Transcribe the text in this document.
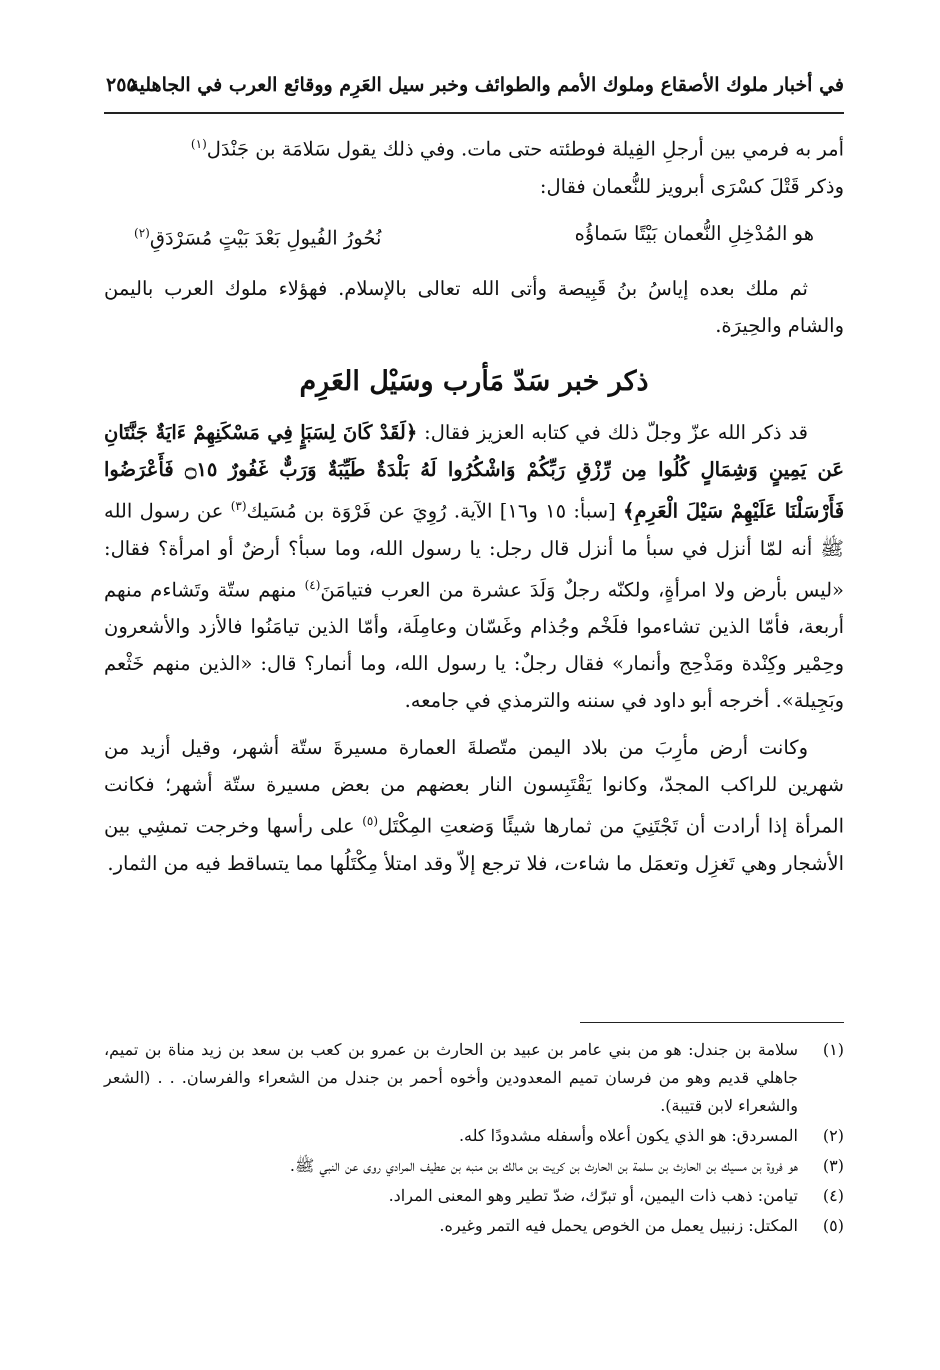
في أخبار ملوك الأصقاع وملوك الأمم والطوائف وخبر سيل العَرِم ووقائع العرب في الجاهلية
٢٥٥

أمر به فرمي بين أرجلِ الفِيلة فوطئته حتى مات. وفي ذلك يقول سَلامَة بن جَنْدَل$^{(١)}$

وذكر قَتْلَ كسْرَى أبرويز للنُّعمان فقال:

هو المُدْخِلِ النُّعمان بَيْتًا سَماؤُه
نُحُورُ الفُيولِ بَعْدَ بَيْتٍ مُسَرْدَقِ$^{(٢)}$

ثم ملك بعده إياسُ بنُ قَبِيصة وأتى الله تعالى بالإسلام. فهؤلاء ملوك العرب باليمن والشام والحِيرَة.

ذكر خبر سَدّ مَأرب وسَيْل العَرِم

قد ذكر الله عزّ وجلّ ذلك في كتابه العزيز فقال: ﴿لَقَدْ كَانَ لِسَبَإٍ فِي مَسْكَنِهِمْ ءَايَةٌ جَنَّتَانِ عَن يَمِينٍ وَشِمَالٍ كُلُوا مِن رِّزْقِ رَبِّكُمْ وَاشْكُرُوا لَهُ بَلْدَةٌ طَيِّبَةٌ وَرَبٌّ غَفُورٌ ۝١٥ فَأَعْرَضُوا فَأَرْسَلْنَا عَلَيْهِمْ سَيْلَ الْعَرِمِ﴾ [سبأ: ١٥ و١٦] الآية. رُوِيَ عن فَرْوَة بن مُسَيك$^{(٣)}$ عن رسول الله ﷺ أنه لمّا أنزل في سبأ ما أنزل قال رجل: يا رسول الله، وما سبأ؟ أرضٌ أو امرأة؟ فقال: «ليس بأرض ولا امرأةٍ، ولكنّه رجلٌ وَلَدَ عشرة من العرب فتيامَنَ$^{(٤)}$ منهم ستّة وتَشاءم منهم أربعة، فأمّا الذين تشاءموا فلَخْم وجُذام وغَسّان وعامِلَة، وأمّا الذين تيامَنُوا فالأزد والأشعرون وحِمْير وكِنْدة ومَذْحِج وأنمار» فقال رجلٌ: يا رسول الله، وما أنمار؟ قال: «الذين منهم خَثْعم وبَجِيلة». أخرجه أبو داود في سننه والترمذي في جامعه.

وكانت أرض مأرِبَ من بلاد اليمن متّصلةَ العمارة مسيرةَ ستّة أشهر، وقيل أزيد من شهرين للراكب المجدّ، وكانوا يَقْتَبِسون النار بعضهم من بعض مسيرة ستّة أشهر؛ فكانت المرأة إذا أرادت أن تَجْتَنِيَ من ثمارها شيئًا وَضعتِ المِكْتَل$^{(٥)}$ على رأسها وخرجت تمشِي بين الأشجار وهي تَغزِل وتعمَل ما شاءت، فلا ترجع إلاّ وقد امتلأ مِكْتَلُها مما يتساقط فيه من الثمار.

(١)
سلامة بن جندل: هو من بني عامر بن عبيد بن الحارث بن عمرو بن كعب بن سعد بن زيد مناة بن تميم، جاهلي قديم وهو من فرسان تميم المعدودين وأخوه أحمر بن جندل من الشعراء والفرسان. . . (الشعر والشعراء لابن قتيبة).
(٢)
المسردق: هو الذي يكون أعلاه وأسفله مشدودًا كله.
(٣)
هو فروة بن مسيك بن الحارث بن سلمة بن الحارث بن كريت بن مالك بن منبه بن عطيف المرادي روى عن النبي ﷺ.
(٤)
تيامن: ذهب ذات اليمين، أو تبرّك، ضدّ تطير وهو المعنى المراد.
(٥)
المكتل: زنبيل يعمل من الخوص يحمل فيه التمر وغيره.
